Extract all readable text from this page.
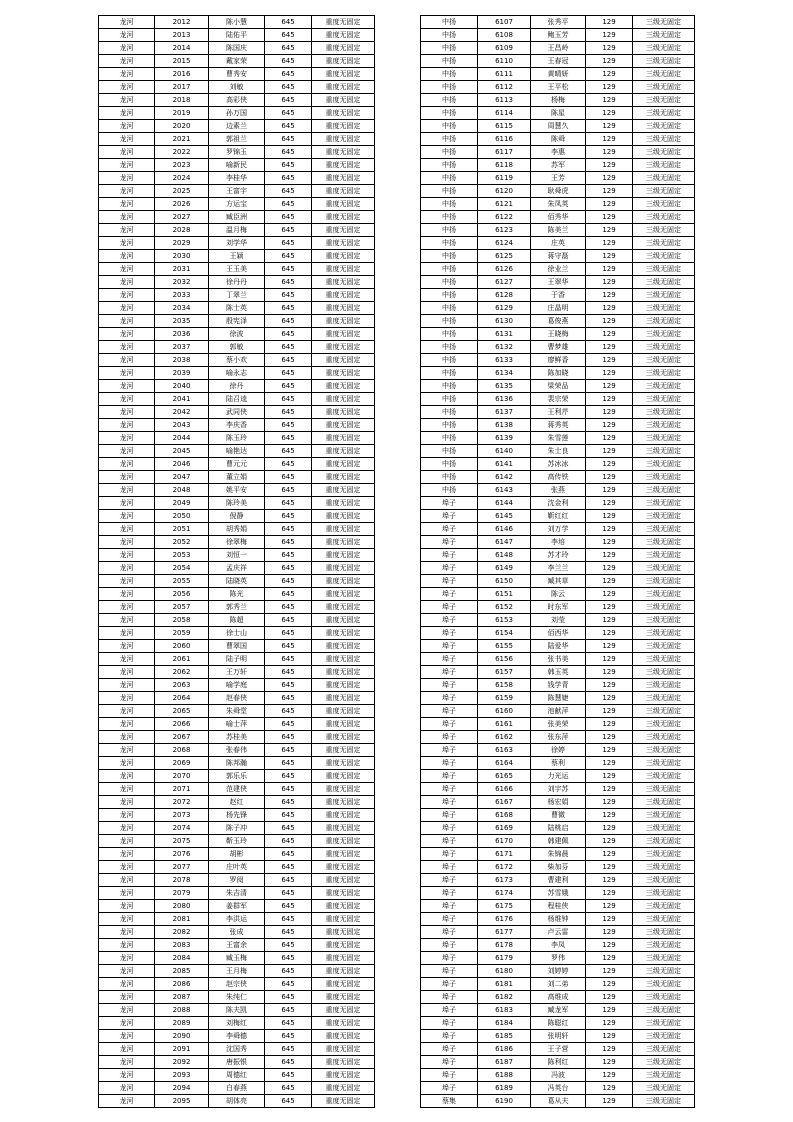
龙河	2012	陈小慧	645	重度无固定
龙河	2013	陆佑平	645	重度无固定
龙河	2014	陈国庆	645	重度无固定
龙河	2015	戴家荣	645	重度无固定
龙河	2016	曹秀安	645	重度无固定
龙河	2017	刘敏	645	重度无固定
龙河	2018	高彩侠	645	重度无固定
龙河	2019	孙万国	645	重度无固定
龙河	2020	边素兰	645	重度无固定
龙河	2021	郭祖兰	645	重度无固定
龙河	2022	罗锦玉	645	重度无固定
龙河	2023	喻新民	645	重度无固定
龙河	2024	李桂华	645	重度无固定
龙河	2025	王富宇	645	重度无固定
龙河	2026	方运宝	645	重度无固定
龙河	2027	臧臣洲	645	重度无固定
龙河	2028	温月梅	645	重度无固定
龙河	2029	刘学华	645	重度无固定
龙河	2030	王颖	645	重度无固定
龙河	2031	王玉美	645	重度无固定
龙河	2032	徐丹丹	645	重度无固定
龙河	2033	丁翠兰	645	重度无固定
龙河	2034	陈士英	645	重度无固定
龙河	2035	殷宪泽	645	重度无固定
龙河	2036	徐波	645	重度无固定
龙河	2037	郭敏	645	重度无固定
龙河	2038	蔡小欢	645	重度无固定
龙河	2039	喻永志	645	重度无固定
龙河	2040	徐丹	645	重度无固定
龙河	2041	陆召逵	645	重度无固定
龙河	2042	武同侠	645	重度无固定
龙河	2043	李庆香	645	重度无固定
龙河	2044	陈玉玲	645	重度无固定
龙河	2045	喻艳达	645	重度无固定
龙河	2046	曹元元	645	重度无固定
龙河	2047	董立娟	645	重度无固定
龙河	2048	姚平安	645	重度无固定
龙河	2049	陈玲美	645	重度无固定
龙河	2050	倪静	645	重度无固定
龙河	2051	胡秀娟	645	重度无固定
龙河	2052	徐翠梅	645	重度无固定
龙河	2053	刘恒一	645	重度无固定
龙河	2054	孟庆祥	645	重度无固定
龙河	2055	陆晓英	645	重度无固定
龙河	2056	陈光	645	重度无固定
龙河	2057	郭秀兰	645	重度无固定
龙河	2058	陈超	645	重度无固定
龙河	2059	徐士山	645	重度无固定
龙河	2060	曹翠国	645	重度无固定
龙河	2061	陆子明	645	重度无固定
龙河	2062	王万轩	645	重度无固定
龙河	2063	喻学庭	645	重度无固定
龙河	2064	赵春侠	645	重度无固定
龙河	2065	朱舜堂	645	重度无固定
龙河	2066	喻士萍	645	重度无固定
龙河	2067	苏桂美	645	重度无固定
龙河	2068	张春伟	645	重度无固定
龙河	2069	陈邦瀚	645	重度无固定
龙河	2070	郭乐乐	645	重度无固定
龙河	2071	范建侠	645	重度无固定
龙河	2072	赵红	645	重度无固定
龙河	2073	杨先锋	645	重度无固定
龙河	2074	陈子冲	645	重度无固定
龙河	2075	靳玉玲	645	重度无固定
龙河	2076	胡彬	645	重度无固定
龙河	2077	庄叶英	645	重度无固定
龙河	2078	罗阅	645	重度无固定
龙河	2079	朱吉清	645	重度无固定
龙河	2080	姜群军	645	重度无固定
龙河	2081	李洪运	645	重度无固定
龙河	2082	张成	645	重度无固定
龙河	2083	王富余	645	重度无固定
龙河	2084	臧玉梅	645	重度无固定
龙河	2085	王月梅	645	重度无固定
龙河	2086	赵宗侠	645	重度无固定
龙河	2087	朱纯仁	645	重度无固定
龙河	2088	陈夫凯	645	重度无固定
龙河	2089	刘梅红	645	重度无固定
龙河	2090	李舜德	645	重度无固定
龙河	2091	沈国秀	645	重度无固定
龙河	2092	唐振银	645	重度无固定
龙河	2093	周德红	645	重度无固定
龙河	2094	白春燕	645	重度无固定
龙河	2095	胡体亮	645	重度无固定
中扬	6107	张秀平	129	三级无固定
中扬	6108	鲍玉芳	129	三级无固定
中扬	6109	王昌岭	129	三级无固定
中扬	6110	王春冠	129	三级无固定
中扬	6111	黄晴妍	129	三级无固定
中扬	6112	王平松	129	三级无固定
中扬	6113	杨梅	129	三级无固定
中扬	6114	陈星	129	三级无固定
中扬	6115	周慧久	129	三级无固定
中扬	6116	陈舜	129	三级无固定
中扬	6117	李惠	129	三级无固定
中扬	6118	苏军	129	三级无固定
中扬	6119	王芳	129	三级无固定
中扬	6120	耿舜虎	129	三级无固定
中扬	6121	朱凤英	129	三级无固定
中扬	6122	佰秀华	129	三级无固定
中扬	6123	陈美兰	129	三级无固定
中扬	6124	庄英	129	三级无固定
中扬	6125	蒋守磊	129	三级无固定
中扬	6126	徐业兰	129	三级无固定
中扬	6127	王翠华	129	三级无固定
中扬	6128	于香	129	三级无固定
中扬	6129	庄晶明	129	三级无固定
中扬	6130	葛俊燕	129	三级无固定
中扬	6131	王晓梅	129	三级无固定
中扬	6132	曹梦雄	129	三级无固定
中扬	6133	廖鲜香	129	三级无固定
中扬	6134	陈加晓	129	三级无固定
中扬	6135	梁荣品	129	三级无固定
中扬	6136	裴宗荣	129	三级无固定
中扬	6137	王利芹	129	三级无固定
中扬	6138	蒋秀英	129	三级无固定
中扬	6139	朱雪莲	129	三级无固定
中扬	6140	朱士良	129	三级无固定
中扬	6141	苏冰冰	129	三级无固定
中扬	6142	高传铁	129	三级无固定
中扬	6143	张燕	129	三级无固定
埠子	6144	沈金利	129	三级无固定
埠子	6145	靳红红	129	三级无固定
埠子	6146	刘万学	129	三级无固定
埠子	6147	李培	129	三级无固定
埠子	6148	苏才玲	129	三级无固定
埠子	6149	李兰兰	129	三级无固定
埠子	6150	臧其草	129	三级无固定
埠子	6151	陈云	129	三级无固定
埠子	6152	时东军	129	三级无固定
埠子	6153	刘莹	129	三级无固定
埠子	6154	佰西华	129	三级无固定
埠子	6155	陆爱华	129	三级无固定
埠子	6156	张书美	129	三级无固定
埠子	6157	韩玉英	129	三级无固定
埠子	6158	钱学青	129	三级无固定
埠子	6159	陈慧婕	129	三级无固定
埠子	6160	池献萍	129	三级无固定
埠子	6161	张美荣	129	三级无固定
埠子	6162	张东萍	129	三级无固定
埠子	6163	徐婷	129	三级无固定
埠子	6164	蔡利	129	三级无固定
埠子	6165	力光运	129	三级无固定
埠子	6166	刘宇苏	129	三级无固定
埠子	6167	杨宏娟	129	三级无固定
埠子	6168	曹微	129	三级无固定
埠子	6169	陆桃启	129	三级无固定
埠子	6170	韩建佩	129	三级无固定
埠子	6171	朱锦晨	129	三级无固定
埠子	6172	柴加芬	129	三级无固定
埠子	6173	曹建利	129	三级无固定
埠子	6174	苏雪娥	129	三级无固定
埠子	6175	程桂侠	129	三级无固定
埠子	6176	杨维钟	129	三级无固定
埠子	6177	卢云雷	129	三级无固定
埠子	6178	李凤	129	三级无固定
埠子	6179	罗伟	129	三级无固定
埠子	6180	刘婷婷	129	三级无固定
埠子	6181	刘二弟	129	三级无固定
埠子	6182	高维成	129	三级无固定
埠子	6183	臧龙军	129	三级无固定
埠子	6184	陈聪红	129	三级无固定
埠子	6185	张明轩	129	三级无固定
埠子	6186	王子营	129	三级无固定
埠子	6187	陈利红	129	三级无固定
埠子	6188	冯波	129	三级无固定
埠子	6189	冯英台	129	三级无固定
蔡集	6190	葛从夫	129	三级无固定
